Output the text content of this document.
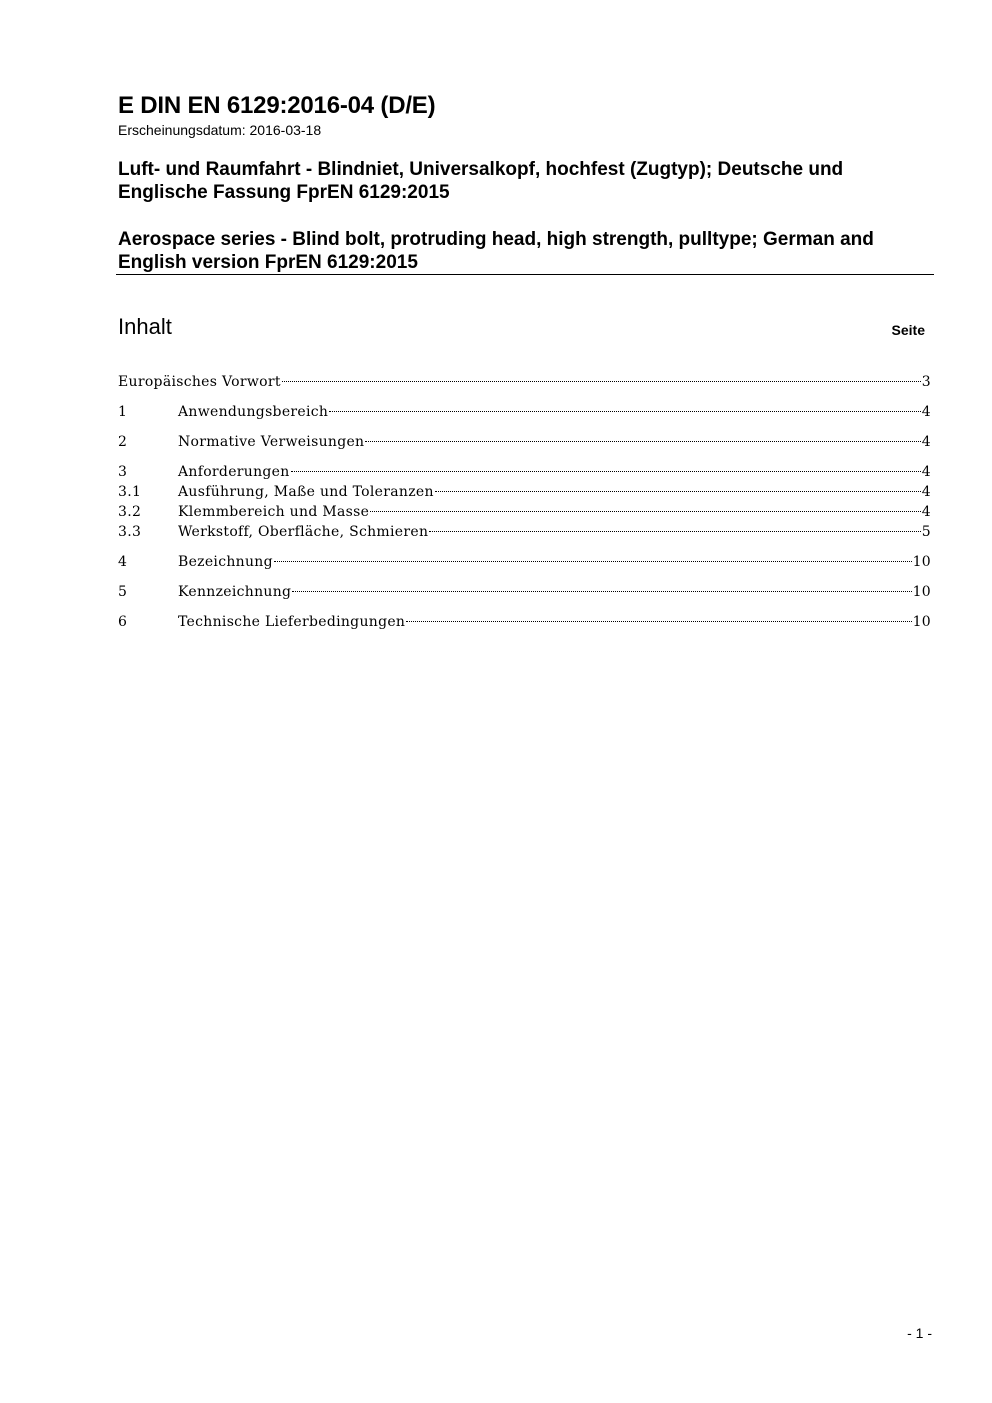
E DIN EN 6129:2016-04 (D/E)
Erscheinungsdatum: 2016-03-18
Luft- und Raumfahrt - Blindniet, Universalkopf, hochfest (Zugtyp); Deutsche und Englische Fassung FprEN 6129:2015
Aerospace series - Blind bolt, protruding head, high strength, pulltype; German and English version FprEN 6129:2015
Inhalt	Seite
Europäisches Vorwort	3
1	Anwendungsbereich	4
2	Normative Verweisungen	4
3	Anforderungen	4
3.1	Ausführung, Maße und Toleranzen	4
3.2	Klemmbereich und Masse	4
3.3	Werkstoff, Oberfläche, Schmieren	5
4	Bezeichnung	10
5	Kennzeichnung	10
6	Technische Lieferbedingungen	10
- 1 -
